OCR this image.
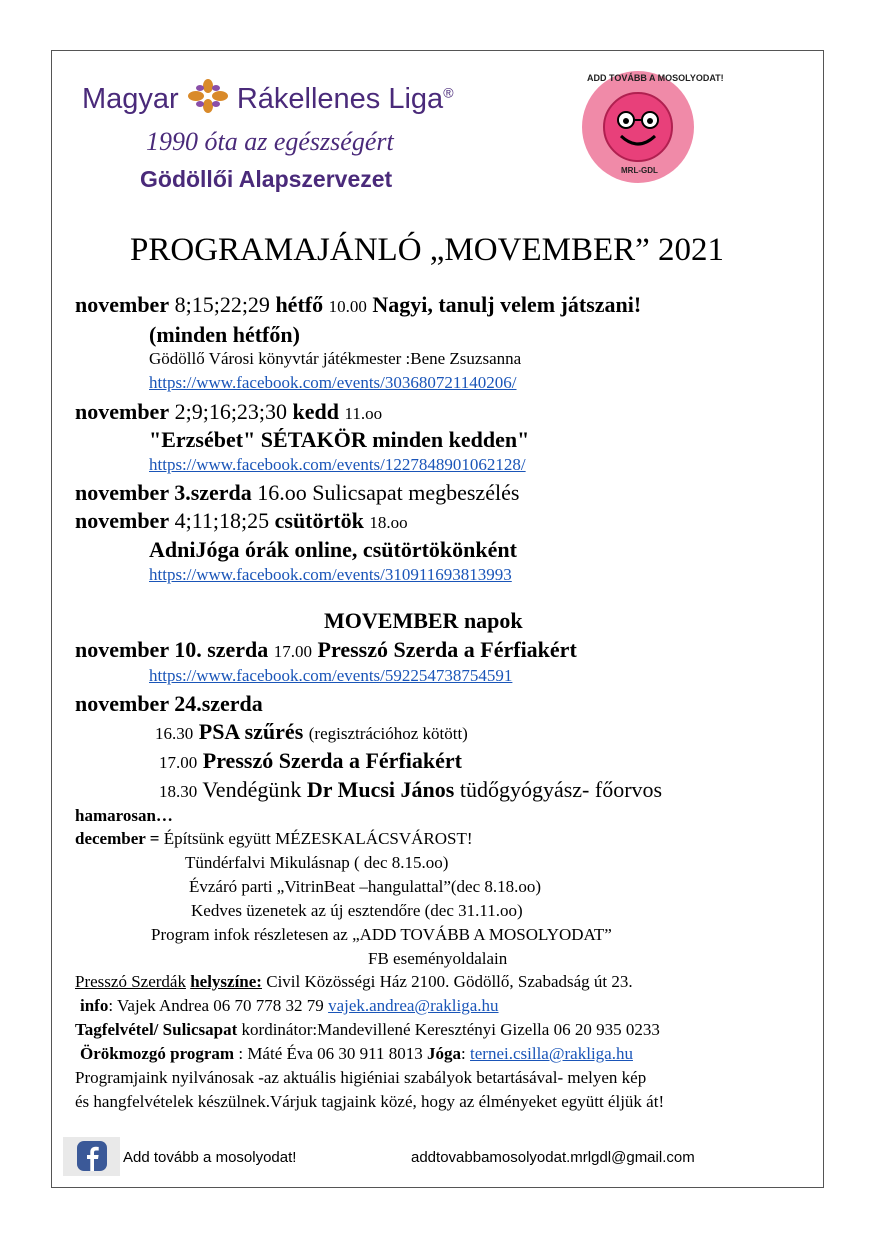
Magyar Rákellenes Liga®
1990 óta az egészségért
Gödöllői Alapszervezet
ADD TOVÁBB A MOSOLYODAT!
MRL-GDL
PROGRAMAJÁNLÓ „MOVEMBER” 2021
november 8;15;22;29 hétfő 10.00 Nagyi, tanulj velem játszani!
(minden hétfőn)
Gödöllő Városi könyvtár játékmester :Bene Zsuzsanna
https://www.facebook.com/events/303680721140206/
november 2;9;16;23;30 kedd 11.oo
"Erzsébet" SÉTAKÖR minden kedden"
https://www.facebook.com/events/1227848901062128/
november 3.szerda 16.oo Sulicsapat megbeszélés
november 4;11;18;25 csütörtök 18.oo
AdniJóga órák online, csütörtökönként
https://www.facebook.com/events/310911693813993
MOVEMBER napok
november 10. szerda 17.00 Presszó Szerda a Férfiakért
https://www.facebook.com/events/592254738754591
november 24.szerda
16.30 PSA szűrés (regisztrációhoz kötött)
17.00 Presszó Szerda a Férfiakért
18.30 Vendégünk Dr Mucsi János tüdőgyógyász- főorvos
hamarosan…
december = Építsünk együtt MÉZESKALÁCSVÁROST!
Tündérfalvi Mikulásnap ( dec 8.15.oo)
Évzáró parti „VitrinBeat –hangulattal”(dec 8.18.oo)
Kedves üzenetek az új esztendőre (dec 31.11.oo)
Program infok részletesen az „ADD TOVÁBB A MOSOLYODAT”
FB eseményoldalain
Presszó Szerdák helyszíne: Civil Közösségi Ház 2100. Gödöllő, Szabadság út 23.
info: Vajek Andrea 06 70 778 32 79 vajek.andrea@rakliga.hu
Tagfelvétel/ Sulicsapat kordinátor:Mandevillené Keresztényi Gizella 06 20 935 0233
Örökmozgó program : Máté Éva 06 30 911 8013 Jóga: ternei.csilla@rakliga.hu
Programjaink nyilvánosak -az aktuális higiéniai szabályok betartásával- melyen kép
és hangfelvételek készülnek.Várjuk tagjaink közé, hogy az élményeket együtt éljük át!
Add tovább a mosolyodat!	addtovabbamosolyodat.mrlgdl@gmail.com
